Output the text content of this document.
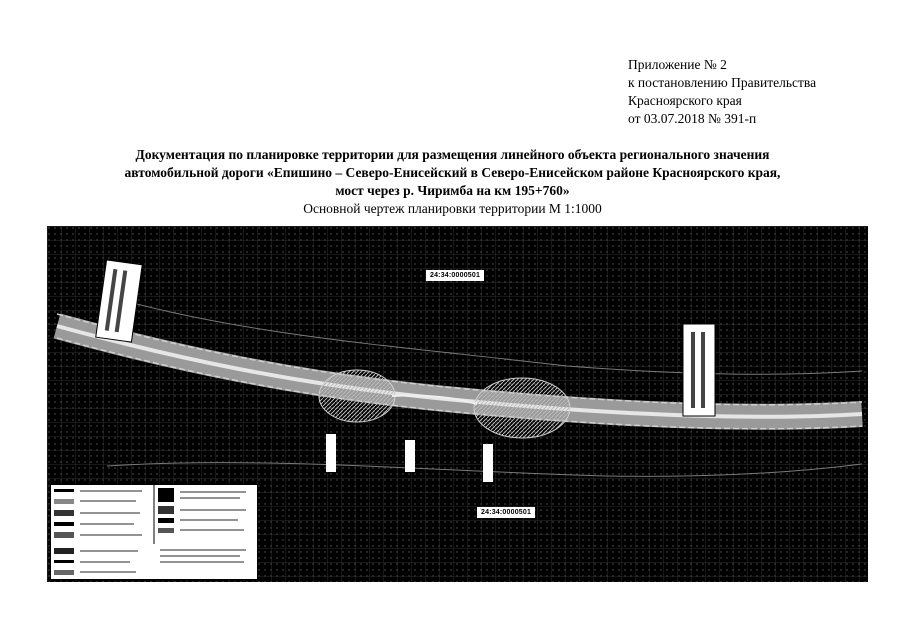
Приложение № 2
к постановлению Правительства
Красноярского края
от 03.07.2018 № 391-п
Документация по планировке территории для размещения линейного объекта регионального значения
автомобильной дороги «Епишино – Северо-Енисейский в Северо-Енисейском районе Красноярского края,
мост через р. Чиримба на км 195+760»
Основной чертеж планировки территории М 1:1000
24:34:0000501
24:34:0000501
